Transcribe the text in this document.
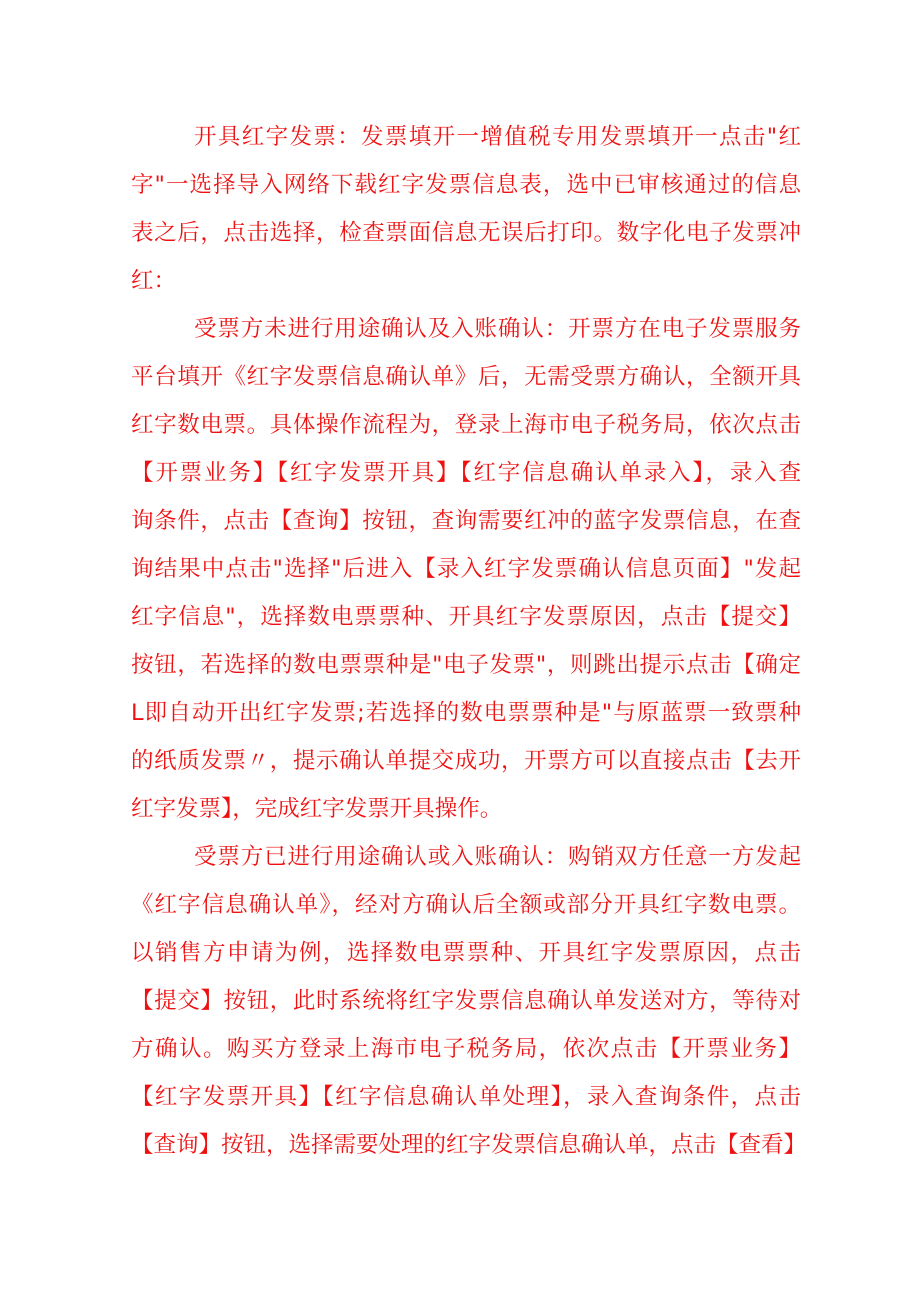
开具红字发票：发票填开一增值税专用发票填开一点击"红
字"一选择导入网络下载红字发票信息表，选中已审核通过的信息
表之后，点击选择，检查票面信息无误后打印。数字化电子发票冲
红：
受票方未进行用途确认及入账确认：开票方在电子发票服务
平台填开《红字发票信息确认单》后，无需受票方确认，全额开具
红字数电票。具体操作流程为，登录上海市电子税务局，依次点击
【开票业务】【红字发票开具】【红字信息确认单录入】，录入查
询条件，点击【查询】按钮，查询需要红冲的蓝字发票信息，在查
询结果中点击"选择"后进入【录入红字发票确认信息页面】"发起
红字信息"，选择数电票票种、开具红字发票原因，点击【提交】
按钮，若选择的数电票票种是"电子发票"，则跳出提示点击【确定
L即自动开出红字发票;若选择的数电票票种是"与原蓝票一致票种
的纸质发票〃，提示确认单提交成功，开票方可以直接点击【去开
红字发票】，完成红字发票开具操作。
受票方已进行用途确认或入账确认：购销双方任意一方发起
《红字信息确认单》，经对方确认后全额或部分开具红字数电票。
以销售方申请为例，选择数电票票种、开具红字发票原因，点击
【提交】按钮，此时系统将红字发票信息确认单发送对方，等待对
方确认。购买方登录上海市电子税务局，依次点击【开票业务】
【红字发票开具】【红字信息确认单处理】，录入查询条件，点击
【查询】按钮，选择需要处理的红字发票信息确认单，点击【查看】
